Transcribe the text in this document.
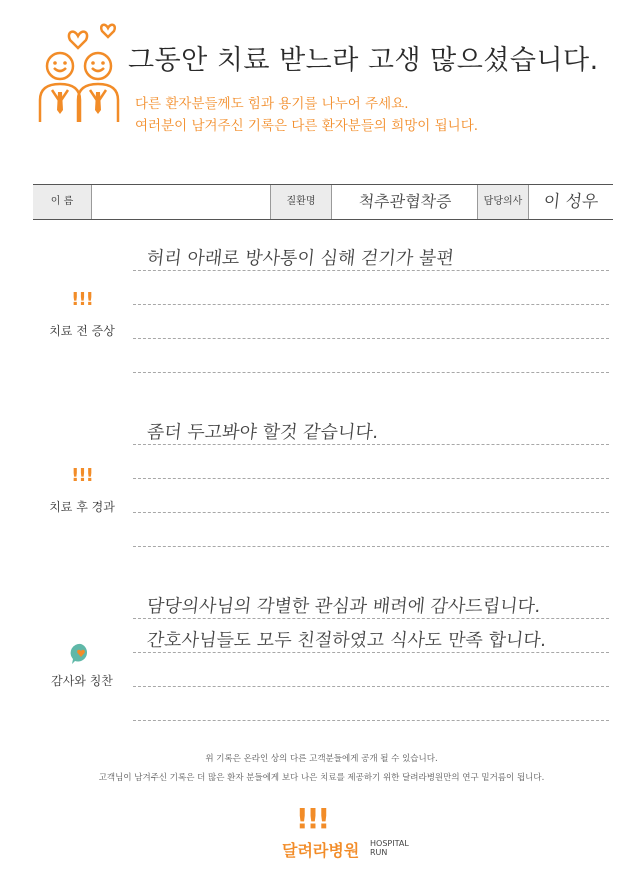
그동안 치료 받느라 고생 많으셨습니다.
다른 환자분들께도 힘과 용기를 나누어 주세요.
여러분이 남겨주신 기록은 다른 환자분들의 희망이 됩니다.
이 름	질환명	척추관협착증	담당의사	이 성우
!!!
치료 전 증상
허리 아래로 방사통이 심해 걷기가 불편
!!!
치료 후 경과
좀더 두고봐야 할것 같습니다.
감사와 칭찬
담당의사님의 각별한 관심과 배려에 감사드립니다.
간호사님들도 모두 친절하였고 식사도 만족 합니다.
위 기록은 온라인 상의 다른 고객분들에게 공개 될 수 있습니다.
고객님이 남겨주신 기록은 더 많은 환자 분들에게 보다 나은 치료를 제공하기 위한 달려라병원만의 연구 밑거름이 됩니다.
!!!
달려라병원 HOSPITAL
RUN
